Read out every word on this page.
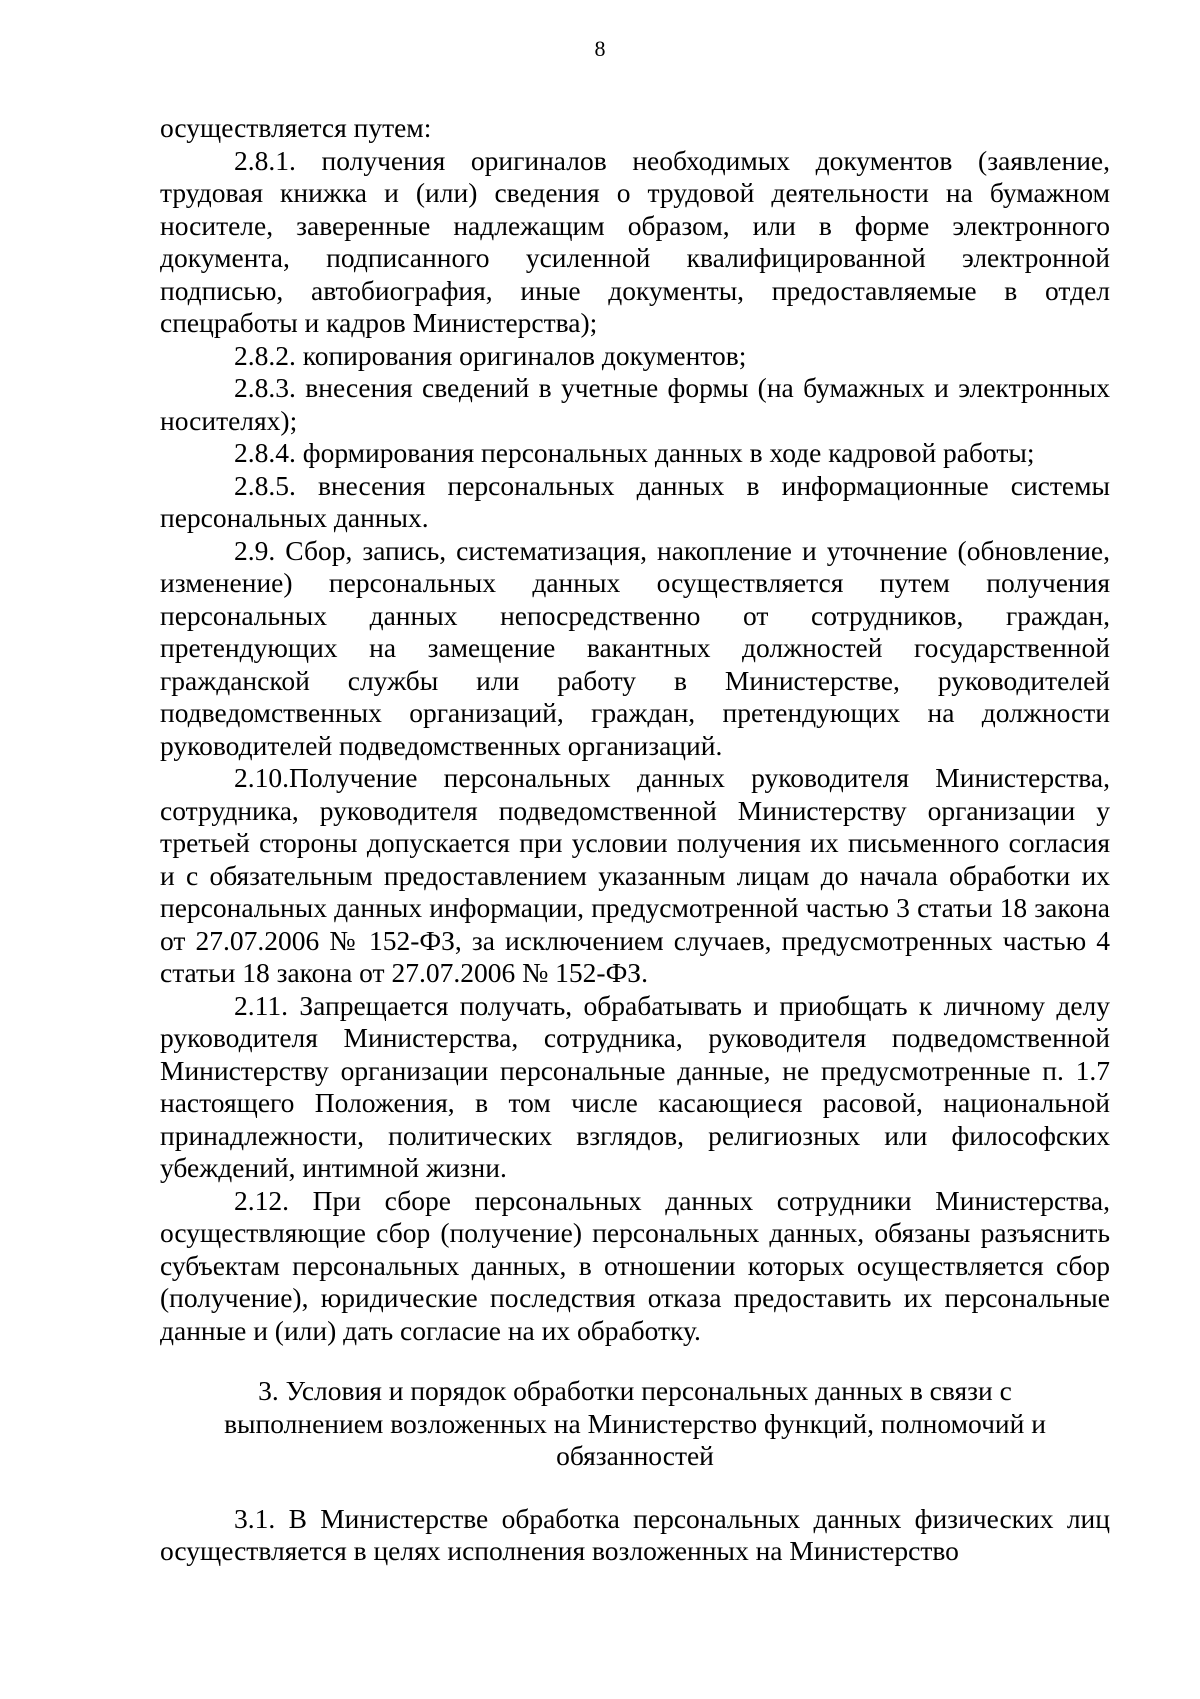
8

осуществляется путем:

2.8.1. получения оригиналов необходимых документов (заявление, трудовая книжка и (или) сведения о трудовой деятельности на бумажном носителе, заверенные надлежащим образом, или в форме электронного документа, подписанного усиленной квалифицированной электронной подписью, автобиография, иные документы, предоставляемые в отдел спецработы и кадров Министерства);

2.8.2. копирования оригиналов документов;

2.8.3. внесения сведений в учетные формы (на бумажных и электронных носителях);

2.8.4. формирования персональных данных в ходе кадровой работы;

2.8.5. внесения персональных данных в информационные системы персональных данных.

2.9. Сбор, запись, систематизация, накопление и уточнение (обновление, изменение) персональных данных осуществляется путем получения персональных данных непосредственно от сотрудников, граждан, претендующих на замещение вакантных должностей государственной гражданской службы или работу в Министерстве, руководителей подведомственных организаций, граждан, претендующих на должности руководителей подведомственных организаций.

2.10.Получение персональных данных руководителя Министерства, сотрудника, руководителя подведомственной Министерству организации у третьей стороны допускается при условии получения их письменного согласия и с обязательным предоставлением указанным лицам до начала обработки их персональных данных информации, предусмотренной частью 3 статьи 18 закона от 27.07.2006 № 152-ФЗ, за исключением случаев, предусмотренных частью 4 статьи 18 закона от 27.07.2006 № 152-ФЗ.

2.11. Запрещается получать, обрабатывать и приобщать к личному делу руководителя Министерства, сотрудника, руководителя подведомственной Министерству организации персональные данные, не предусмотренные п. 1.7 настоящего Положения, в том числе касающиеся расовой, национальной принадлежности, политических взглядов, религиозных или философских убеждений, интимной жизни.

2.12. При сборе персональных данных сотрудники Министерства, осуществляющие сбор (получение) персональных данных, обязаны разъяснить субъектам персональных данных, в отношении которых осуществляется сбор (получение), юридические последствия отказа предоставить их персональные данные и (или) дать согласие на их обработку.

3. Условия и порядок обработки персональных данных в связи с выполнением возложенных на Министерство функций, полномочий и обязанностей

3.1. В Министерстве обработка персональных данных физических лиц осуществляется в целях исполнения возложенных на Министерство
